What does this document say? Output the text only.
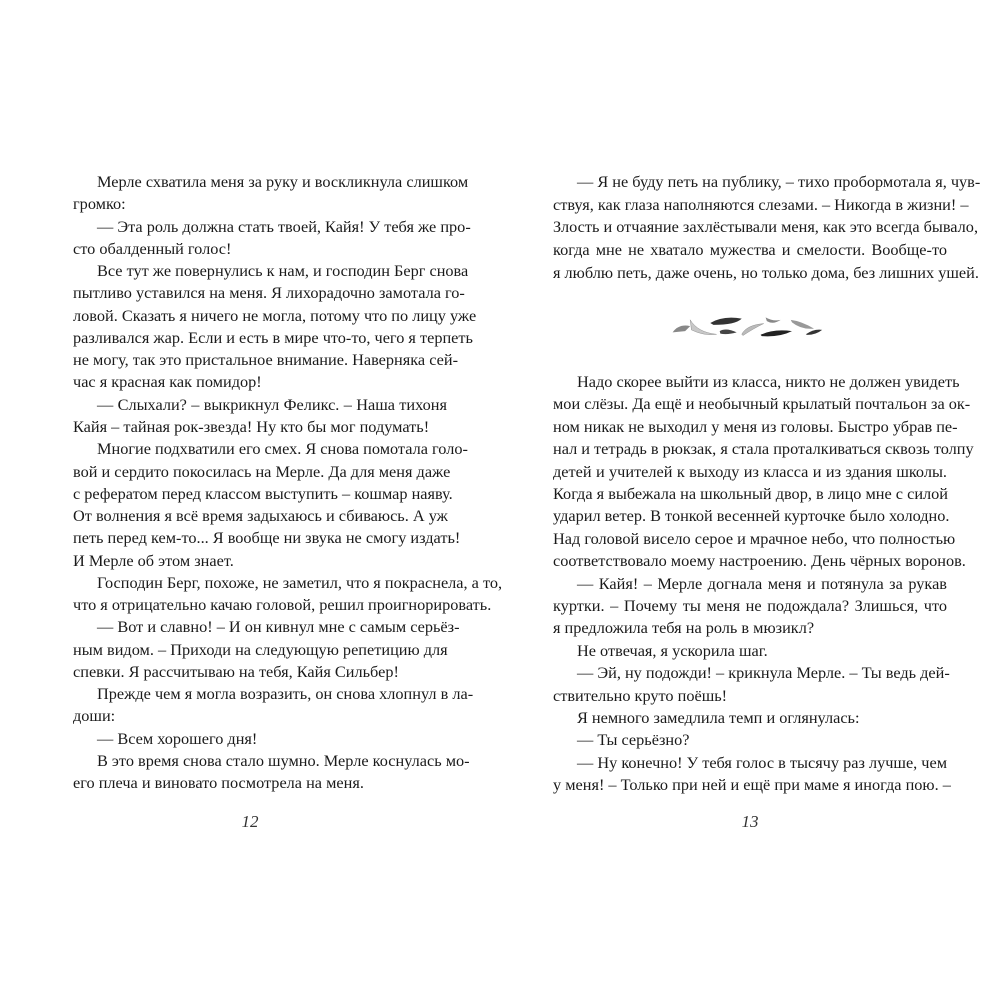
Мерле схватила меня за руку и воскликнула слишком
громко:
— Эта роль должна стать твоей, Кайя! У тебя же про-
сто обалденный голос!
Все тут же повернулись к нам, и господин Берг снова
пытливо уставился на меня. Я лихорадочно замотала го-
ловой. Сказать я ничего не могла, потому что по лицу уже
разливался жар. Если и есть в мире что-то, чего я терпеть
не могу, так это пристальное внимание. Наверняка сей-
час я красная как помидор!
— Слыхали? – выкрикнул Феликс. – Наша тихоня
Кайя – тайная рок-звезда! Ну кто бы мог подумать!
Многие подхватили его смех. Я снова помотала голо-
вой и сердито покосилась на Мерле. Да для меня даже
с рефератом перед классом выступить – кошмар наяву.
От волнения я всё время задыхаюсь и сбиваюсь. А уж
петь перед кем-то... Я вообще ни звука не смогу издать!
И Мерле об этом знает.
Господин Берг, похоже, не заметил, что я покраснела, а то,
что я отрицательно качаю головой, решил проигнорировать.
— Вот и славно! – И он кивнул мне с самым серьёз-
ным видом. – Приходи на следующую репетицию для
спевки. Я рассчитываю на тебя, Кайя Сильбер!
Прежде чем я могла возразить, он снова хлопнул в ла-
доши:
— Всем хорошего дня!
В это время снова стало шумно. Мерле коснулась мо-
его плеча и виновато посмотрела на меня.
12
— Я не буду петь на публику, – тихо пробормотала я, чув-
ствуя, как глаза наполняются слезами. – Никогда в жизни! –
Злость и отчаяние захлёстывали меня, как это всегда бывало,
когда мне не хватало мужества и смелости. Вообще-то
я люблю петь, даже очень, но только дома, без лишних ушей.
Надо скорее выйти из класса, никто не должен увидеть
мои слёзы. Да ещё и необычный крылатый почтальон за ок-
ном никак не выходил у меня из головы. Быстро убрав пе-
нал и тетрадь в рюкзак, я стала проталкиваться сквозь толпу
детей и учителей к выходу из класса и из здания школы.
Когда я выбежала на школьный двор, в лицо мне с силой
ударил ветер. В тонкой весенней курточке было холодно.
Над головой висело серое и мрачное небо, что полностью
соответствовало моему настроению. День чёрных воронов.
— Кайя! – Мерле догнала меня и потянула за рукав
куртки. – Почему ты меня не подождала? Злишься, что
я предложила тебя на роль в мюзикл?
Не отвечая, я ускорила шаг.
— Эй, ну подожди! – крикнула Мерле. – Ты ведь дей-
ствительно круто поёшь!
Я немного замедлила темп и оглянулась:
— Ты серьёзно?
— Ну конечно! У тебя голос в тысячу раз лучше, чем
у меня! – Только при ней и ещё при маме я иногда пою. –
13
